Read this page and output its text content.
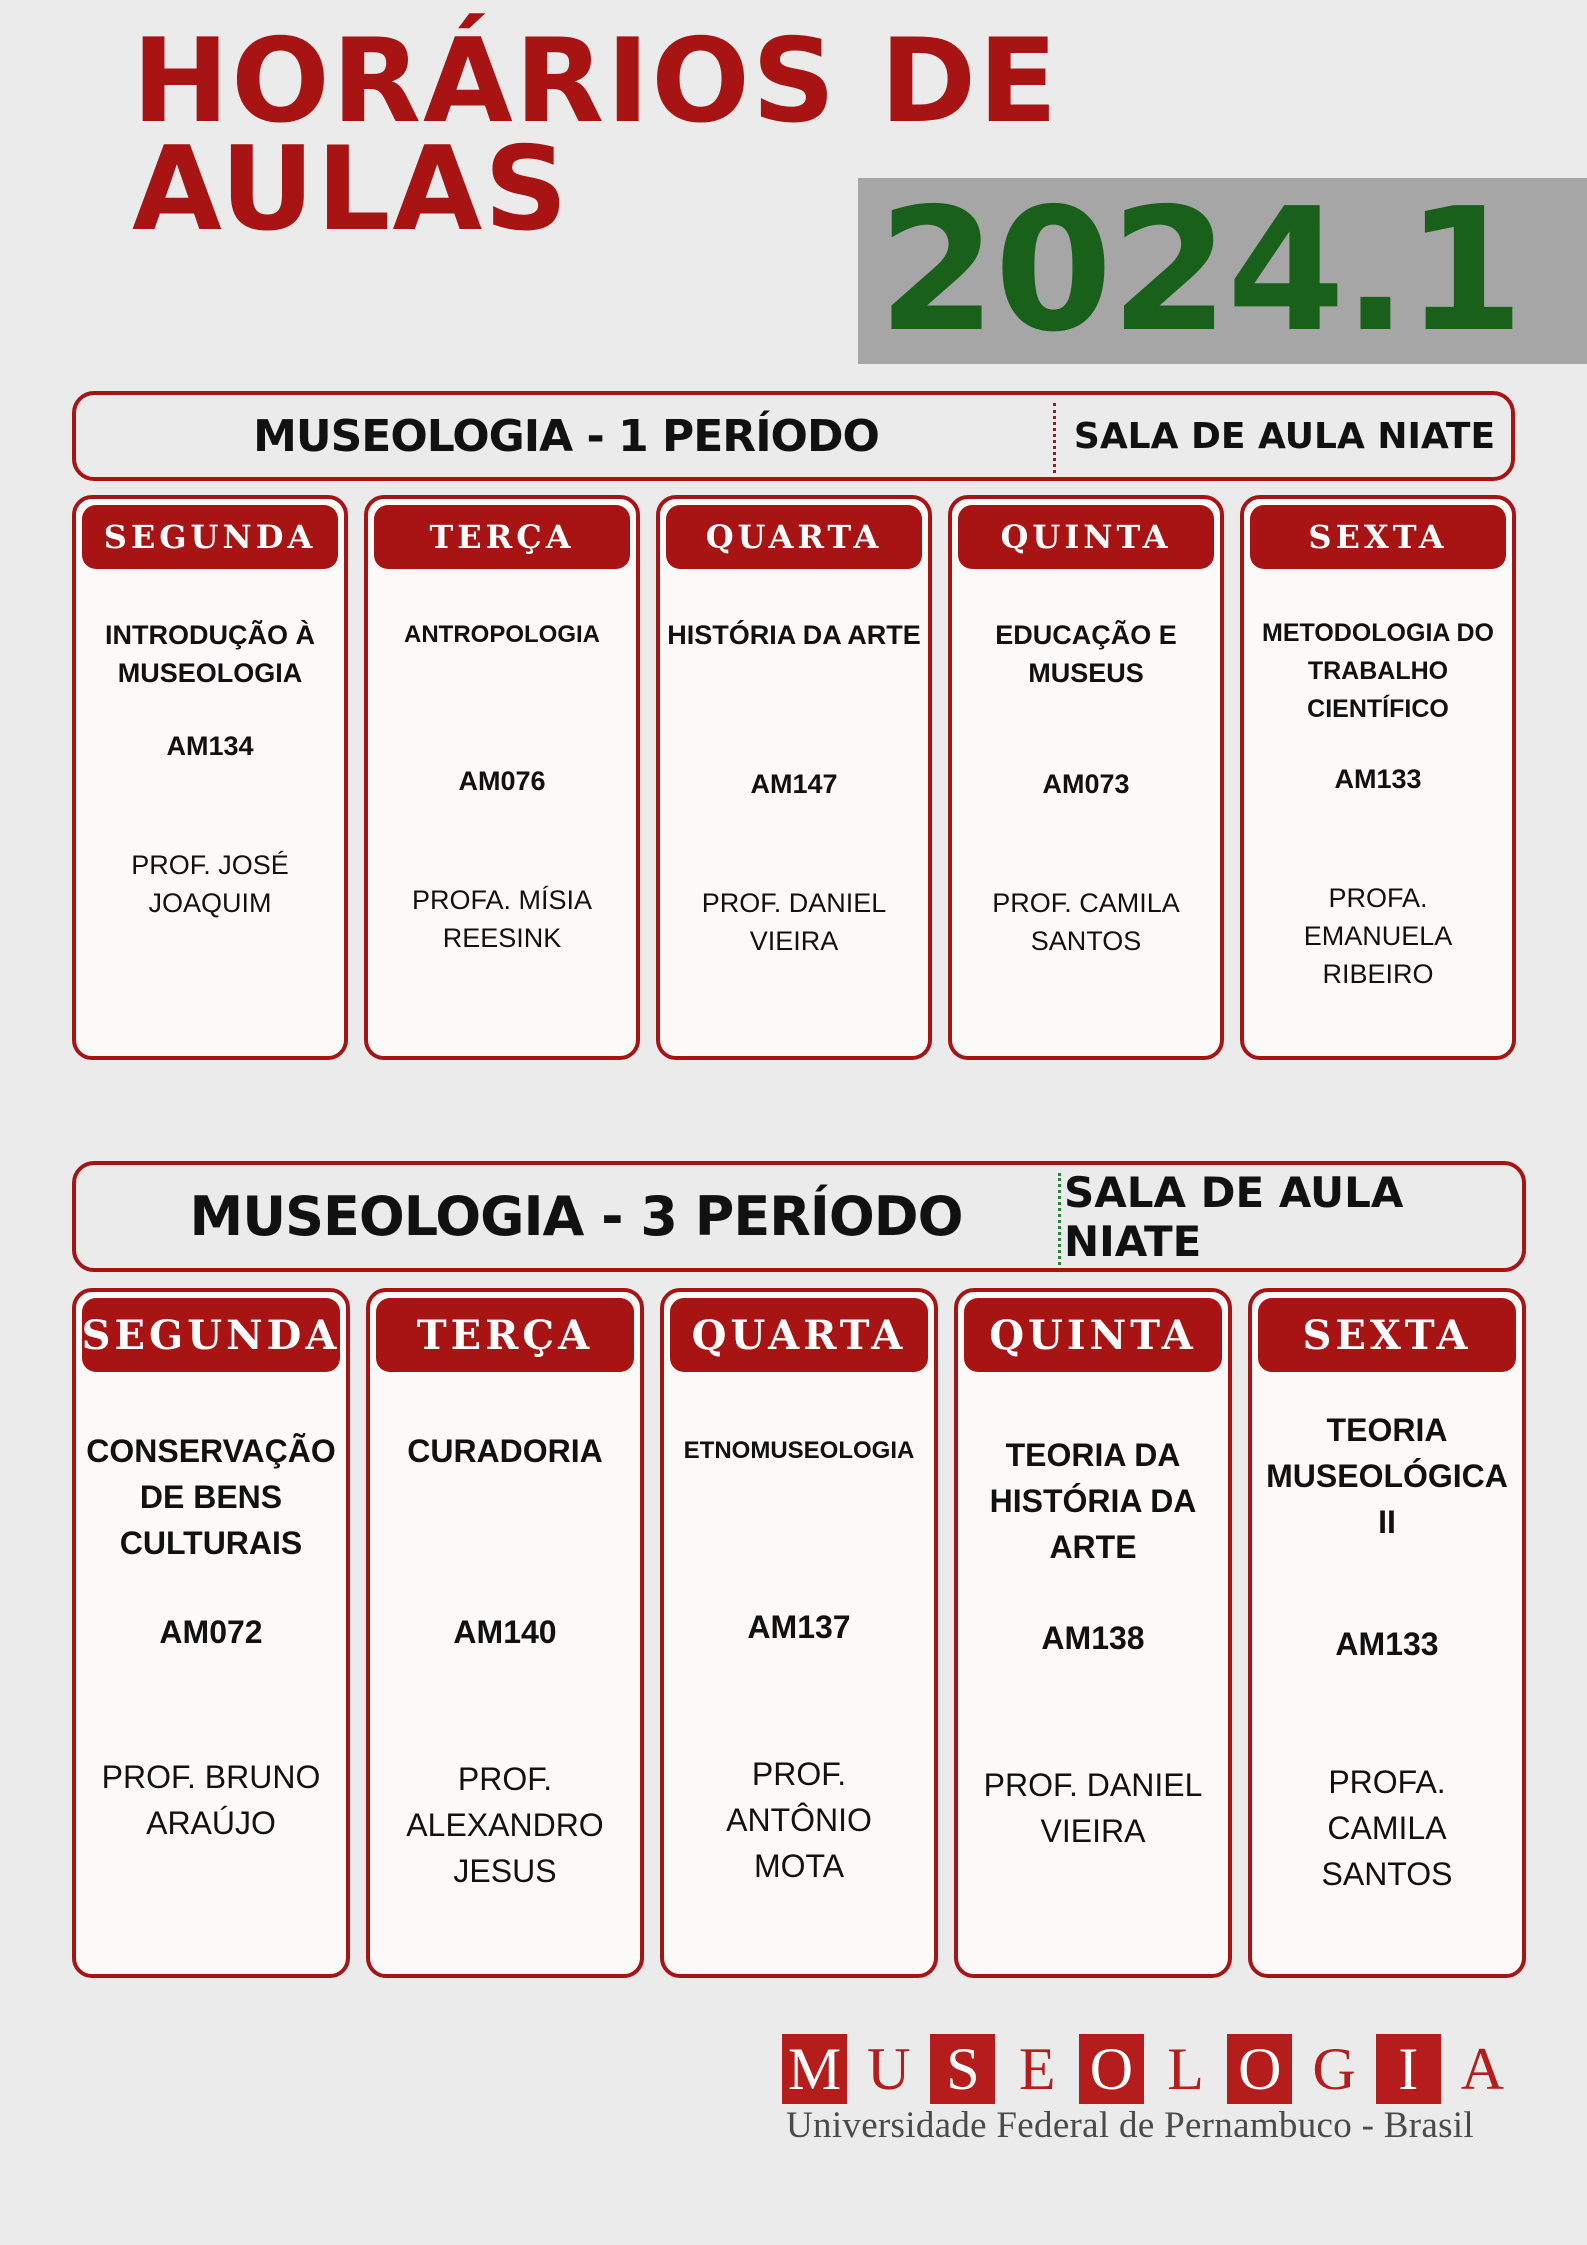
HORÁRIOS DE
AULAS	2024.1
MUSEOLOGIA - 1 PERÍODO	SALA DE AULA NIATE
SEGUNDA
INTRODUÇÃO À MUSEOLOGIA
AM134
PROF. JOSÉ JOAQUIM
TERÇA
ANTROPOLOGIA
AM076
PROFA. MÍSIA REESINK
QUARTA
HISTÓRIA DA ARTE
AM147
PROF. DANIEL VIEIRA
QUINTA
EDUCAÇÃO E MUSEUS
AM073
PROF. CAMILA SANTOS
SEXTA
METODOLOGIA DO TRABALHO CIENTÍFICO
AM133
PROFA. EMANUELA RIBEIRO
MUSEOLOGIA - 3 PERÍODO	SALA DE AULA NIATE
SEGUNDA
CONSERVAÇÃO DE BENS CULTURAIS
AM072
PROF. BRUNO ARAÚJO
TERÇA
CURADORIA
AM140
PROF. ALEXANDRO JESUS
QUARTA
ETNOMUSEOLOGIA
AM137
PROF. ANTÔNIO MOTA
QUINTA
TEORIA DA HISTÓRIA DA ARTE
AM138
PROF. DANIEL VIEIRA
SEXTA
TEORIA MUSEOLÓGICA II
AM133
PROFA. CAMILA SANTOS
M U S E O L O G I A
Universidade Federal de Pernambuco - Brasil
